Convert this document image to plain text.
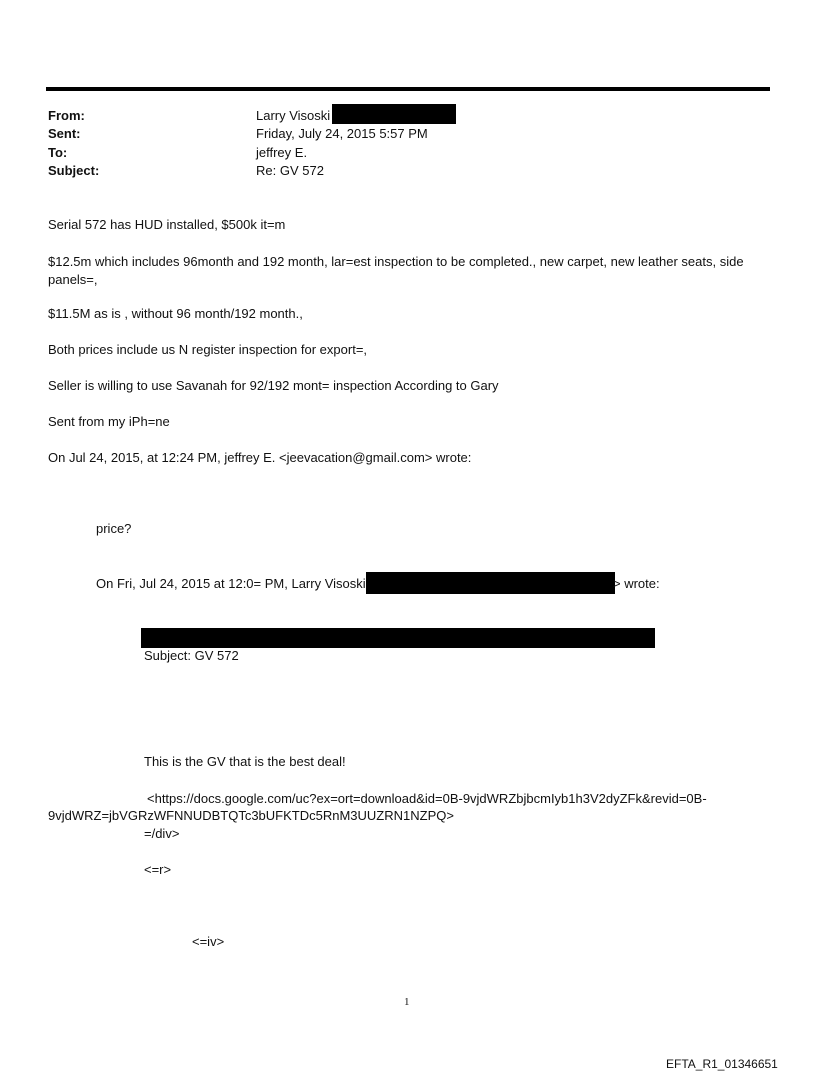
From:	Larry Visoski
Sent:	Friday, July 24, 2015 5:57 PM
To:	jeffrey E.
Subject:	Re: GV 572
Serial 572 has HUD installed, $500k it=m
$12.5m which includes 96month and 192 month, lar=est inspection to be completed., new carpet, new leather seats, side panels=,
$11.5M as is , without 96 month/192 month.,
Both prices include us N register inspection for export=,
Seller is willing to use Savanah for 92/192 mont= inspection According to Gary
Sent from my iPh=ne
On Jul 24, 2015, at 12:24 PM, jeffrey E. <jeevacation@gmail.com> wrote:
price?
On Fri, Jul 24, 2015 at 12:0= PM, Larry Visoski	> wrote:
Subject: GV 572
This is the GV that is the best deal!
<https://docs.google.com/uc?ex=ort=download&id=0B-9vjdWRZbjbcmIyb1h3V2dyZFk&revid=0B-
9vjdWRZ=jbVGRzWFNNUDBTQTc3bUFKTDc5RnM3UUZRN1NZPQ>
=/div>
<=r>
<=iv>
1
EFTA_R1_01346651
